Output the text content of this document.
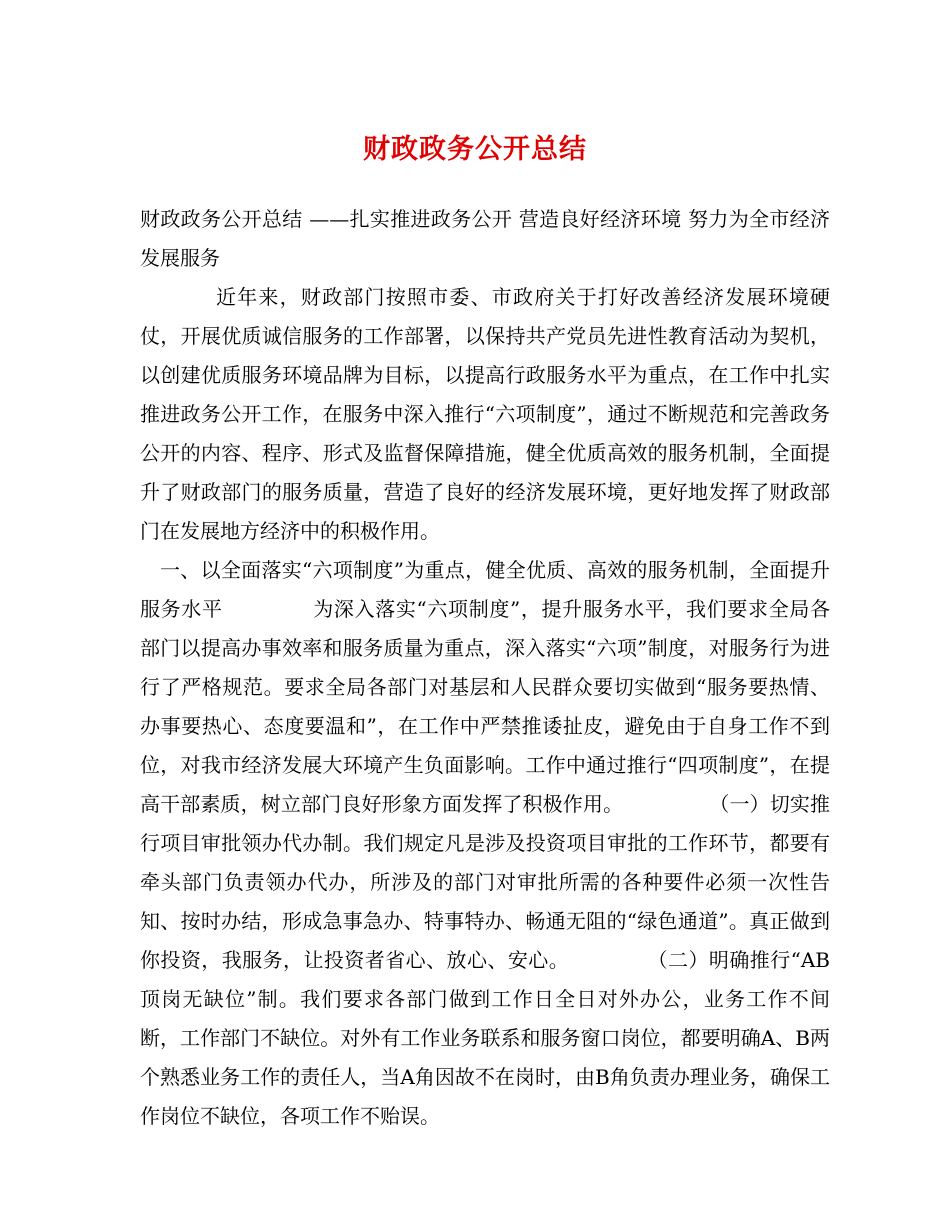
财政政务公开总结

财政政务公开总结 ——扎实推进政务公开 营造良好经济环境 努力为全市经济发展服务

近年来，财政部门按照市委、市政府关于打好改善经济发展环境硬仗，开展优质诚信服务的工作部署，以保持共产党员先进性教育活动为契机，以创建优质服务环境品牌为目标，以提高行政服务水平为重点，在工作中扎实推进政务公开工作，在服务中深入推行“六项制度”，通过不断规范和完善政务公开的内容、程序、形式及监督保障措施，健全优质高效的服务机制，全面提升了财政部门的服务质量，营造了良好的经济发展环境，更好地发挥了财政部门在发展地方经济中的积极作用。

一、以全面落实“六项制度”为重点，健全优质、高效的服务机制，全面提升服务水平	为深入落实“六项制度”，提升服务水平，我们要求全局各部门以提高办事效率和服务质量为重点，深入落实“六项”制度，对服务行为进行了严格规范。要求全局各部门对基层和人民群众要切实做到“服务要热情、办事要热心、态度要温和”，在工作中严禁推诿扯皮，避免由于自身工作不到位，对我市经济发展大环境产生负面影响。工作中通过推行“四项制度”，在提高干部素质，树立部门良好形象方面发挥了积极作用。	（一）切实推行项目审批领办代办制。我们规定凡是涉及投资项目审批的工作环节，都要有牵头部门负责领办代办，所涉及的部门对审批所需的各种要件必须一次性告知、按时办结，形成急事急办、特事特办、畅通无阻的“绿色通道”。真正做到你投资，我服务，让投资者省心、放心、安心。	（二）明确推行“AB顶岗无缺位”制。我们要求各部门做到工作日全日对外办公，业务工作不间断，工作部门不缺位。对外有工作业务联系和服务窗口岗位，都要明确A、B两个熟悉业务工作的责任人，当A角因故不在岗时，由B角负责办理业务，确保工作岗位不缺位，各项工作不贻误。
